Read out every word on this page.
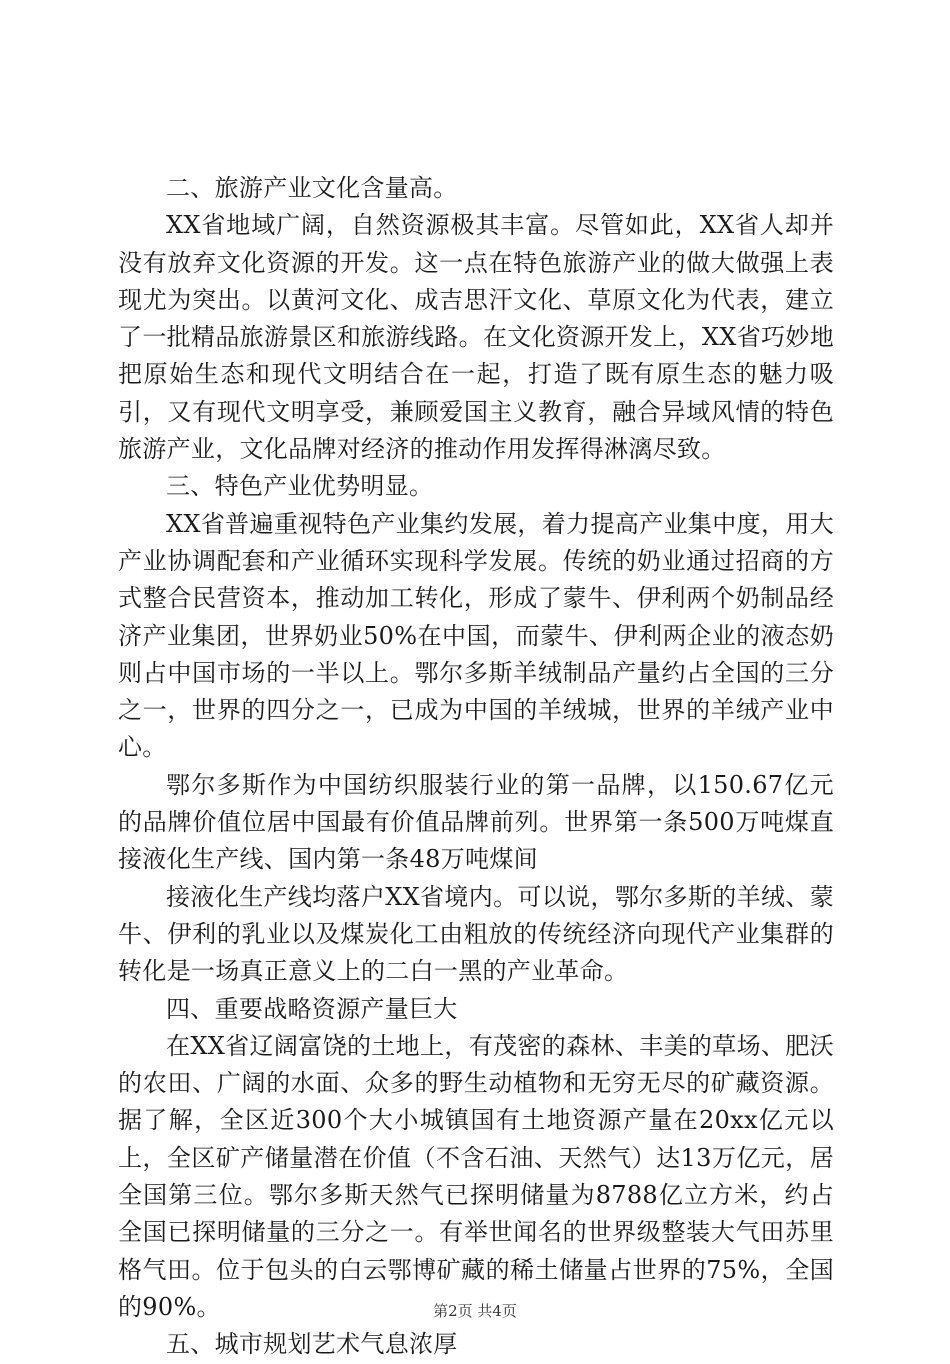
二、旅游产业文化含量高。

XX省地域广阔，自然资源极其丰富。尽管如此，XX省人却并没有放弃文化资源的开发。这一点在特色旅游产业的做大做强上表现尤为突出。以黄河文化、成吉思汗文化、草原文化为代表，建立了一批精品旅游景区和旅游线路。在文化资源开发上，XX省巧妙地把原始生态和现代文明结合在一起，打造了既有原生态的魅力吸引，又有现代文明享受，兼顾爱国主义教育，融合异域风情的特色旅游产业，文化品牌对经济的推动作用发挥得淋漓尽致。

三、特色产业优势明显。

XX省普遍重视特色产业集约发展，着力提高产业集中度，用大产业协调配套和产业循环实现科学发展。传统的奶业通过招商的方式整合民营资本，推动加工转化，形成了蒙牛、伊利两个奶制品经济产业集团，世界奶业50%在中国，而蒙牛、伊利两企业的液态奶则占中国市场的一半以上。鄂尔多斯羊绒制品产量约占全国的三分之一，世界的四分之一，已成为中国的羊绒城，世界的羊绒产业中心。

鄂尔多斯作为中国纺织服装行业的第一品牌，以150.67亿元的品牌价值位居中国最有价值品牌前列。世界第一条500万吨煤直接液化生产线、国内第一条48万吨煤间

接液化生产线均落户XX省境内。可以说，鄂尔多斯的羊绒、蒙牛、伊利的乳业以及煤炭化工由粗放的传统经济向现代产业集群的转化是一场真正意义上的二白一黑的产业革命。

四、重要战略资源产量巨大

在XX省辽阔富饶的土地上，有茂密的森林、丰美的草场、肥沃的农田、广阔的水面、众多的野生动植物和无穷无尽的矿藏资源。据了解，全区近300个大小城镇国有土地资源产量在20xx亿元以上，全区矿产储量潜在价值（不含石油、天然气）达13万亿元，居全国第三位。鄂尔多斯天然气已探明储量为8788亿立方米，约占全国已探明储量的三分之一。有举世闻名的世界级整装大气田苏里格气田。位于包头的白云鄂博矿藏的稀土储量占世界的75%，全国的90%。

五、城市规划艺术气息浓厚

第2页 共4页
